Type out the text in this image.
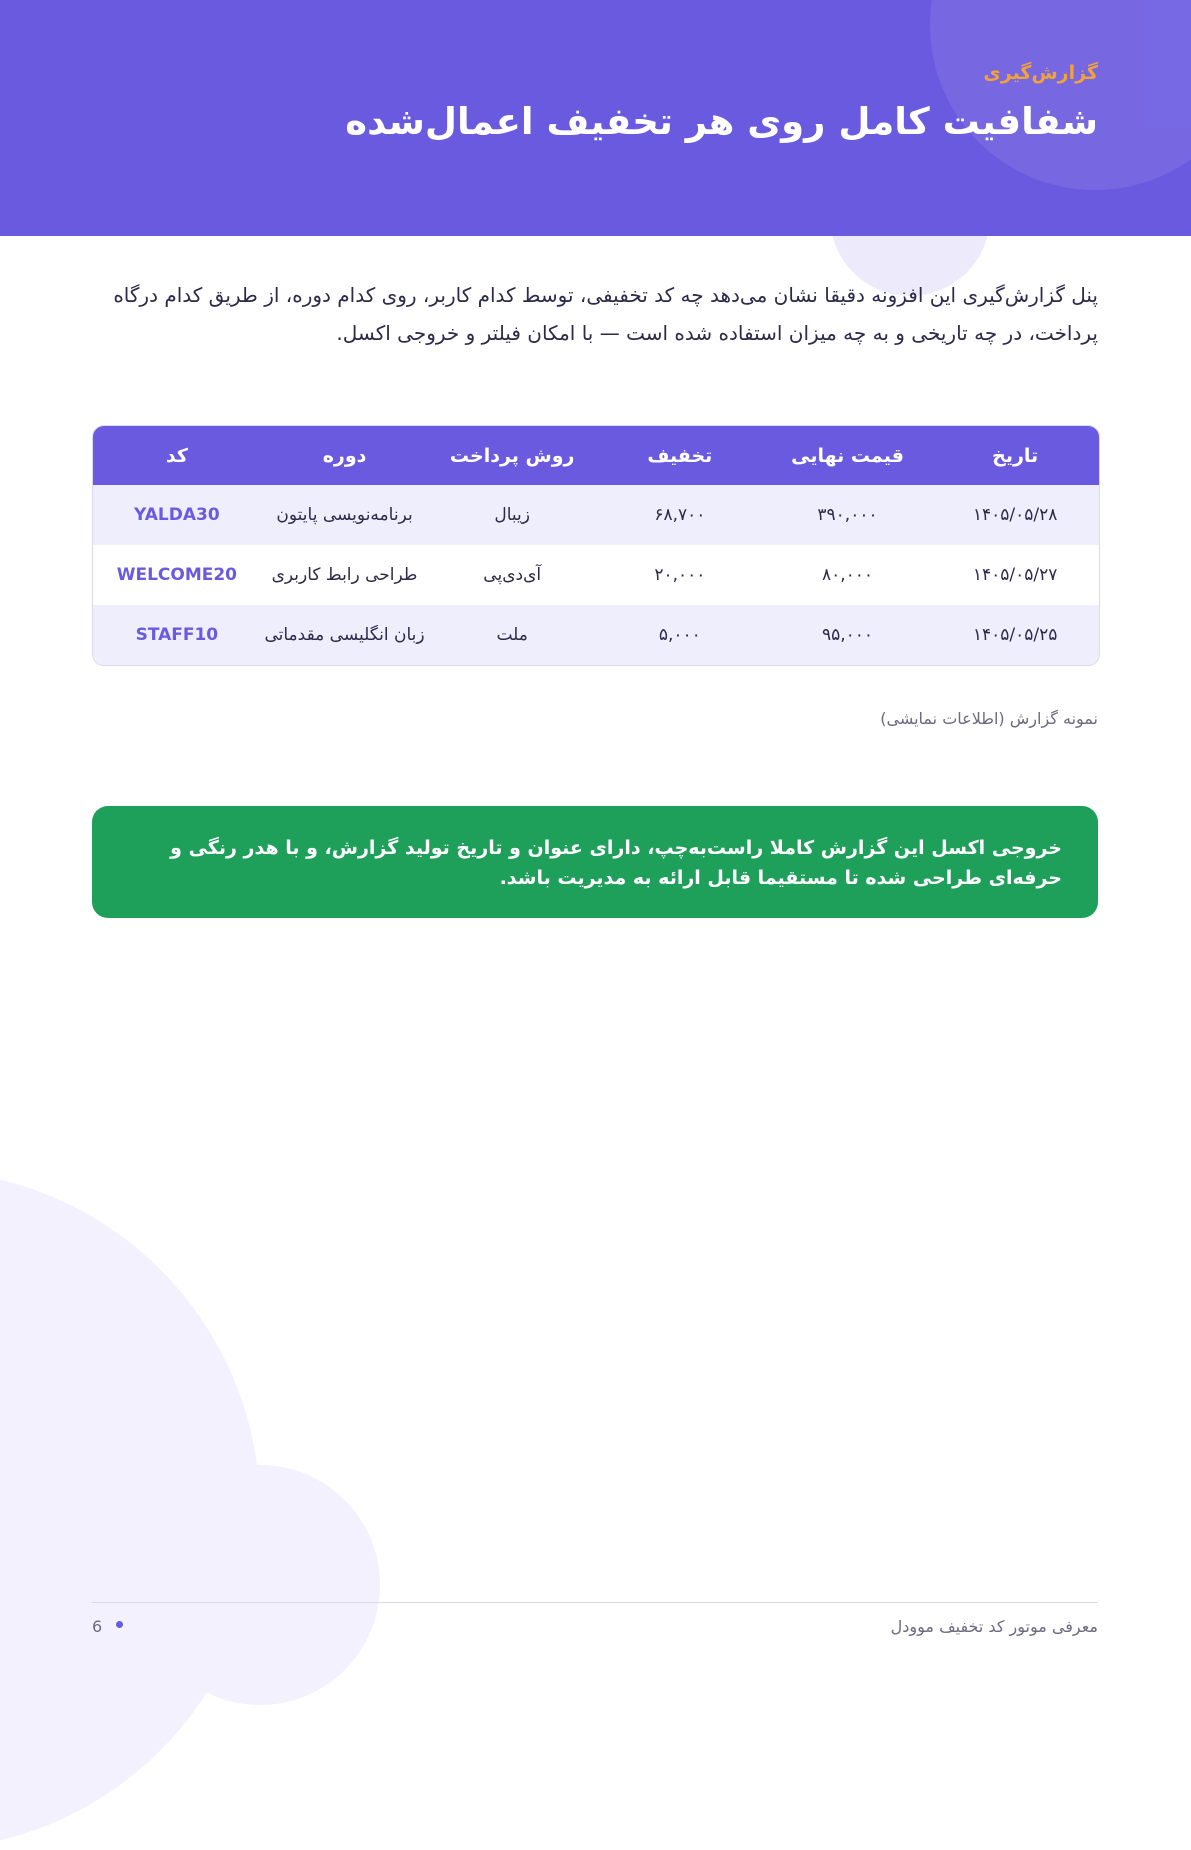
گزارش‌گیری

شفافیت کامل روی هر تخفیف اعمال‌شده

پنل گزارش‌گیری این افزونه دقیقا نشان می‌دهد چه کد تخفیفی، توسط کدام کاربر، روی کدام دوره، از طریق کدام درگاه پرداخت، در چه تاریخی و به چه میزان استفاده شده است — با امکان فیلتر و خروجی اکسل.

تاریخ	قیمت نهایی	تخفیف	روش پرداخت	دوره	کد
۱۴۰۵/۰۵/۲۸	۳۹۰,۰۰۰	۶۸,۷۰۰	زیبال	برنامه‌نویسی پایتون	YALDA30
۱۴۰۵/۰۵/۲۷	۸۰,۰۰۰	۲۰,۰۰۰	آی‌دی‌پی	طراحی رابط کاربری	WELCOME20
۱۴۰۵/۰۵/۲۵	۹۵,۰۰۰	۵,۰۰۰	ملت	زبان انگلیسی مقدماتی	STAFF10

نمونه گزارش (اطلاعات نمایشی)

خروجی اکسل این گزارش کاملا راست‌به‌چپ، دارای عنوان و تاریخ تولید گزارش، و با هدر رنگی و حرفه‌ای طراحی شده تا مستقیما قابل ارائه به مدیریت باشد.

6	معرفی موتور کد تخفیف موودل
